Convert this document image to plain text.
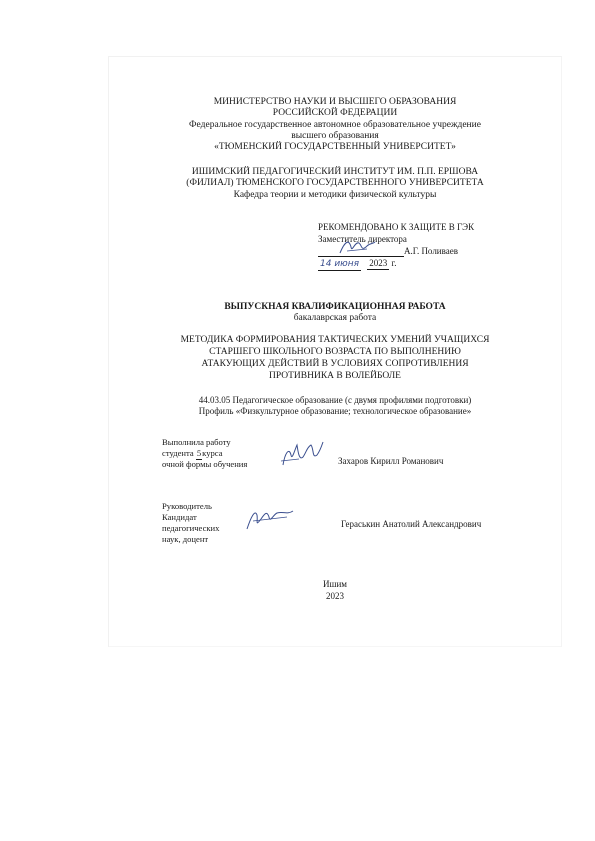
МИНИСТЕРСТВО НАУКИ И ВЫСШЕГО ОБРАЗОВАНИЯ
РОССИЙСКОЙ ФЕДЕРАЦИИ
Федеральное государственное автономное образовательное учреждение
высшего образования
«ТЮМЕНСКИЙ ГОСУДАРСТВЕННЫЙ УНИВЕРСИТЕТ»
ИШИМСКИЙ ПЕДАГОГИЧЕСКИЙ ИНСТИТУТ ИМ. П.П. ЕРШОВА
(ФИЛИАЛ) ТЮМЕНСКОГО ГОСУДАРСТВЕННОГО УНИВЕРСИТЕТА
Кафедра теории и методики физической культуры
РЕКОМЕНДОВАНО К ЗАЩИТЕ В ГЭК
Заместитель директора
А.Г. Поливаев
14 июня 2023 г.
ВЫПУСКНАЯ КВАЛИФИКАЦИОННАЯ РАБОТА
бакалаврская работа
МЕТОДИКА ФОРМИРОВАНИЯ ТАКТИЧЕСКИХ УМЕНИЙ УЧАЩИХСЯ
СТАРШЕГО ШКОЛЬНОГО ВОЗРАСТА ПО ВЫПОЛНЕНИЮ
АТАКУЮЩИХ ДЕЙСТВИЙ В УСЛОВИЯХ СОПРОТИВЛЕНИЯ
ПРОТИВНИКА В ВОЛЕЙБОЛЕ
44.03.05 Педагогическое образование (с двумя профилями подготовки)
Профиль «Физкультурное образование; технологическое образование»
Выполнила работу
студента 5курса
очной формы обучения	Захаров Кирилл Романович
Руководитель
Кандидат
педагогических
наук, доцент
Гераськин Анатолий Александрович
Ишим
2023
